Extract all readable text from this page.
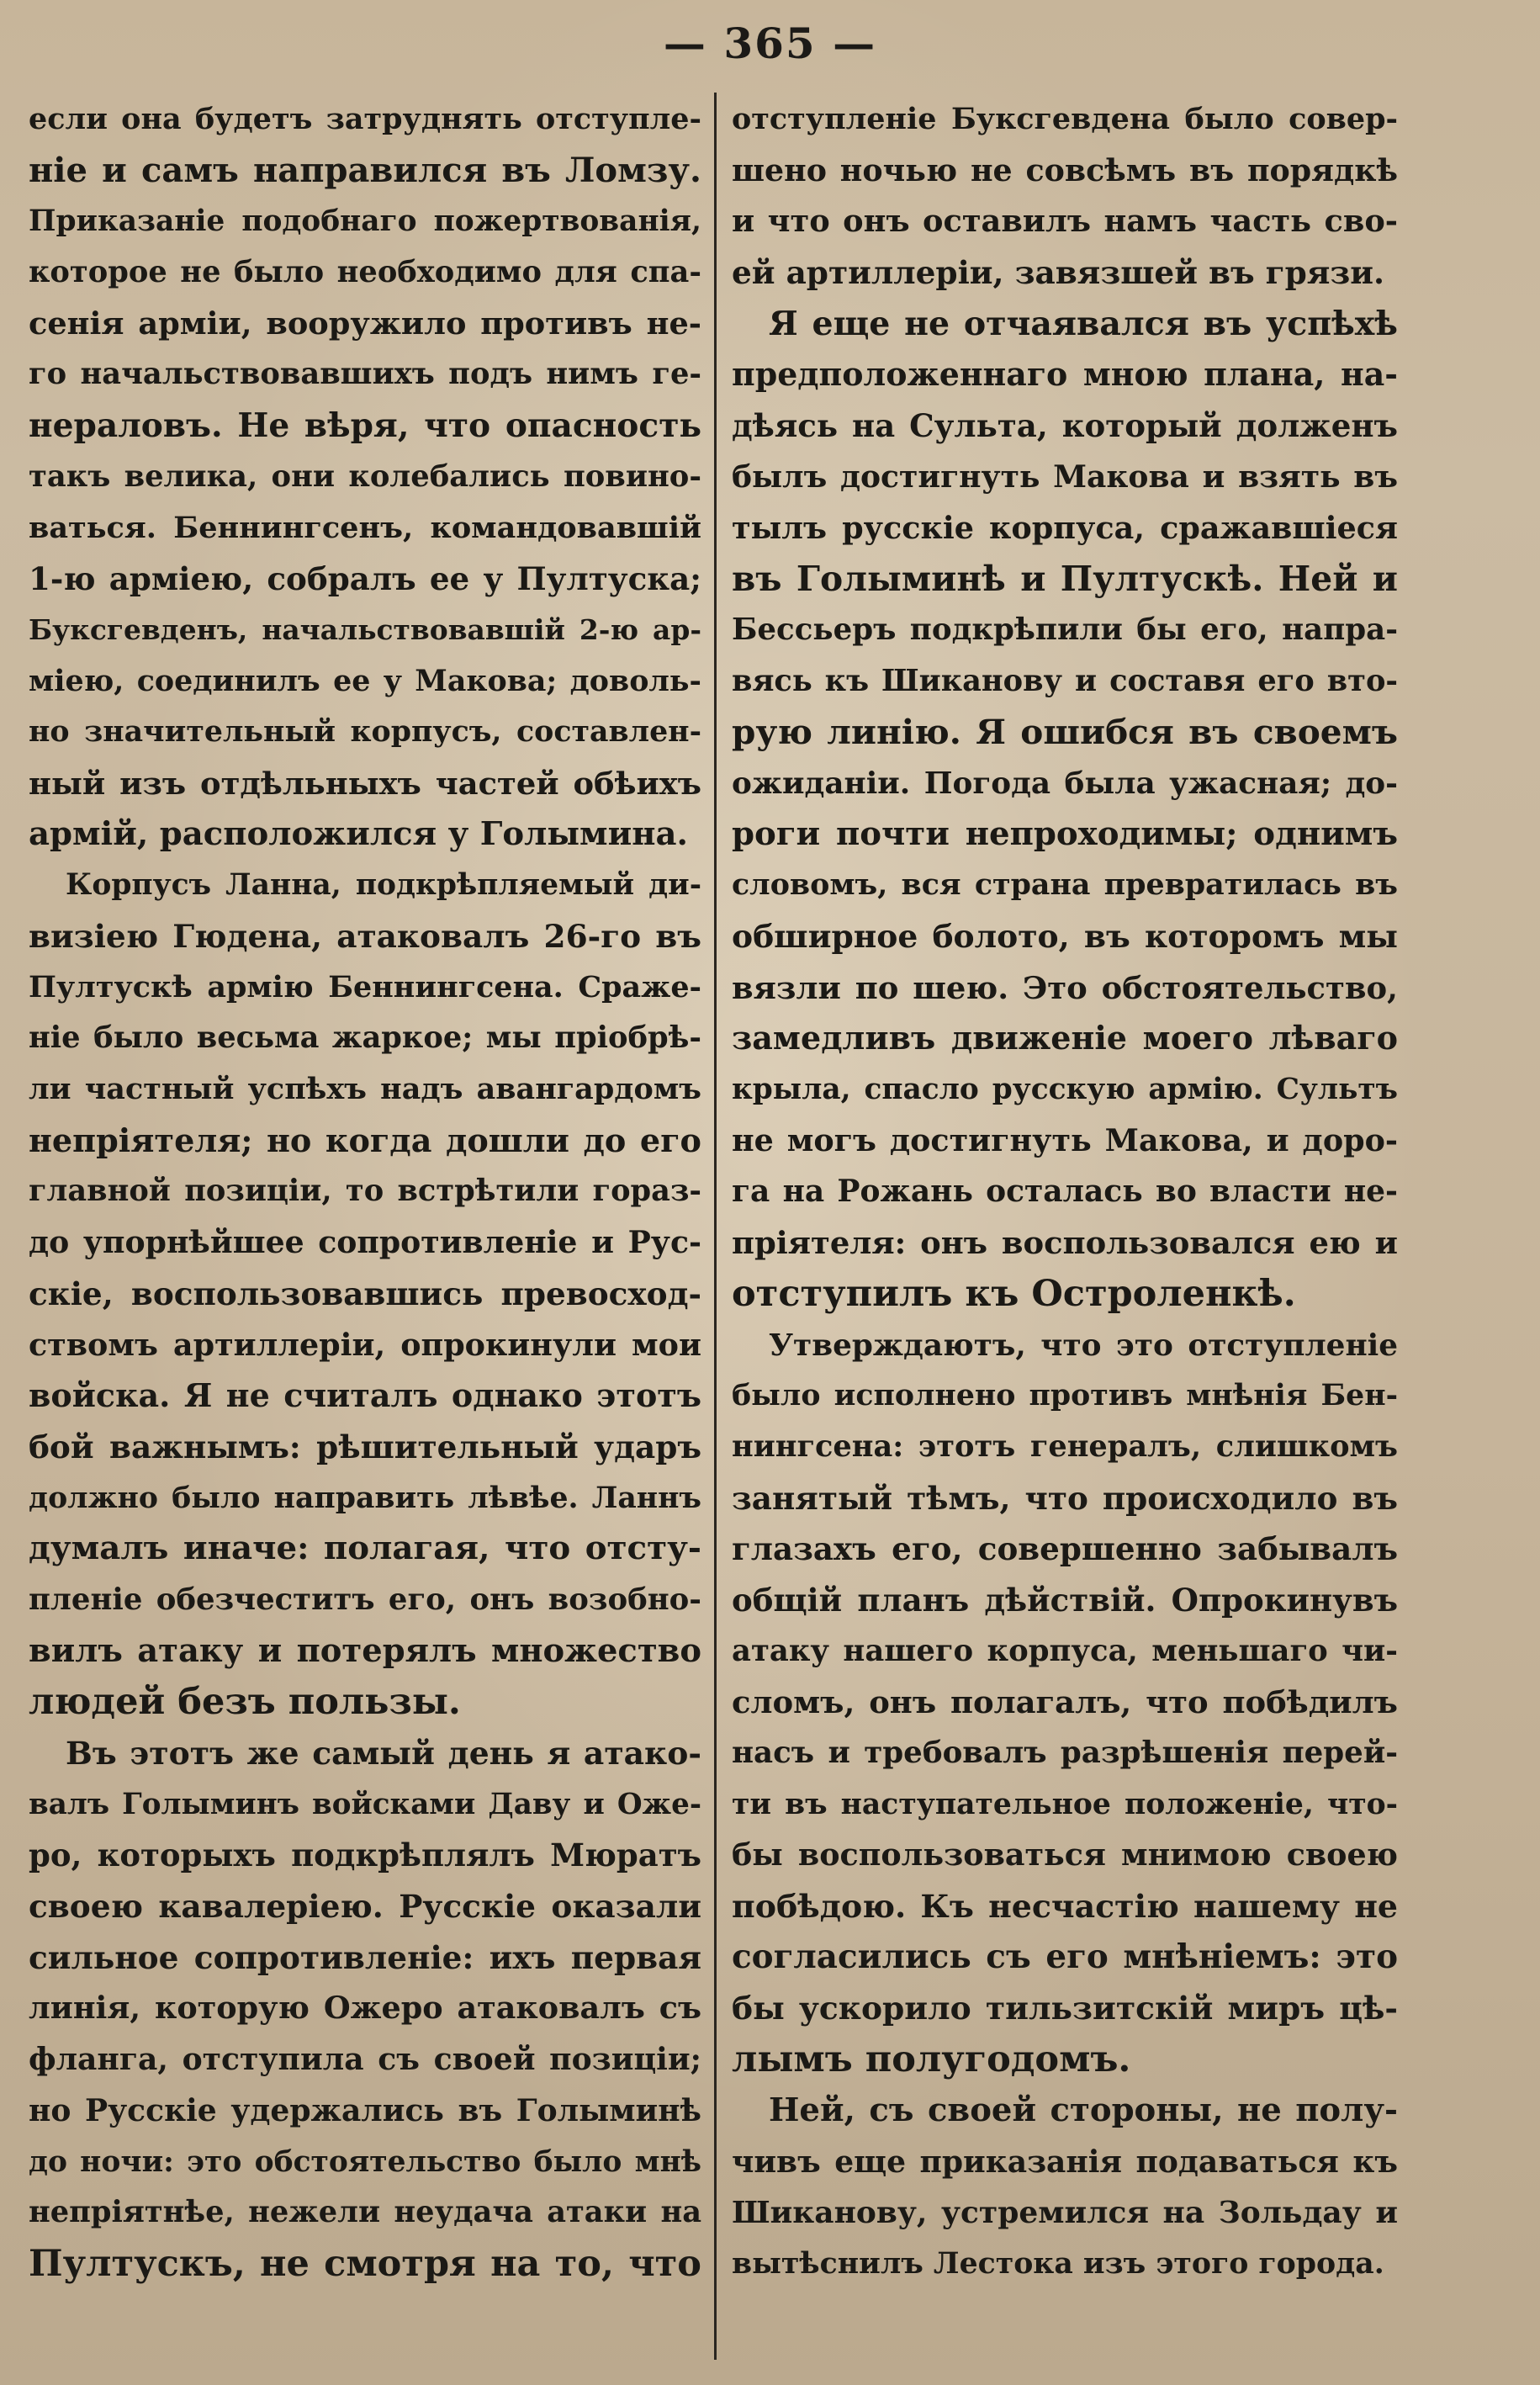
— 365 —
если она будетъ затруднять отступле-
ніе и самъ направился въ Ломзу.
Приказаніе подобнаго пожертвованія,
которое не было необходимо для спа-
сенія арміи, вооружило противъ не-
го начальствовавшихъ подъ нимъ ге-
нераловъ. Не вѣря, что опасность
такъ велика, они колебались повино-
ваться. Беннингсенъ, командовавшій
1-ю арміею, собралъ ее у Пултуска;
Буксгевденъ, начальствовавшій 2-ю ар-
міею, соединилъ ее у Макова; доволь-
но значительный корпусъ, составлен-
ный изъ отдѣльныхъ частей обѣихъ
армій, расположился у Голымина.
Корпусъ Ланна, подкрѣпляемый ди-
визіею Гюдена, атаковалъ 26-го въ
Пултускѣ армію Беннингсена. Сраже-
ніе было весьма жаркое; мы пріобрѣ-
ли частный успѣхъ надъ авангардомъ
непріятеля; но когда дошли до его
главной позиціи, то встрѣтили гораз-
до упорнѣйшее сопротивленіе и Рус-
скіе, воспользовавшись превосход-
ствомъ артиллеріи, опрокинули мои
войска. Я не считалъ однако этотъ
бой важнымъ: рѣшительный ударъ
должно было направить лѣвѣе. Ланнъ
думалъ иначе: полагая, что отсту-
пленіе обезчеститъ его, онъ возобно-
вилъ атаку и потерялъ множество
людей безъ пользы.
Въ этотъ же самый день я атако-
валъ Голыминъ войсками Даву и Оже-
ро, которыхъ подкрѣплялъ Мюратъ
своею кавалеріею. Русскіе оказали
сильное сопротивленіе: ихъ первая
линія, которую Ожеро атаковалъ съ
фланга, отступила съ своей позиціи;
но Русскіе удержались въ Голыминѣ
до ночи: это обстоятельство было мнѣ
непріятнѣе, нежели неудача атаки на
Пултускъ, не смотря на то, что
отступленіе Буксгевдена было совер-
шено ночью не совсѣмъ въ порядкѣ
и что онъ оставилъ намъ часть сво-
ей артиллеріи, завязшей въ грязи.
Я еще не отчаявался въ успѣхѣ
предположеннаго мною плана, на-
дѣясь на Сульта, который долженъ
былъ достигнуть Макова и взять въ
тылъ русскіе корпуса, сражавшіеся
въ Голыминѣ и Пултускѣ. Ней и
Бессьеръ подкрѣпили бы его, напра-
вясь къ Шиканову и составя его вто-
рую линію. Я ошибся въ своемъ
ожиданіи. Погода была ужасная; до-
роги почти непроходимы; однимъ
словомъ, вся страна превратилась въ
обширное болото, въ которомъ мы
вязли по шею. Это обстоятельство,
замедливъ движеніе моего лѣваго
крыла, спасло русскую армію. Сультъ
не могъ достигнуть Макова, и доро-
га на Рожань осталась во власти не-
пріятеля: онъ воспользовался ею и
отступилъ къ Остроленкѣ.
Утверждаютъ, что это отступленіе
было исполнено противъ мнѣнія Бен-
нингсена: этотъ генералъ, слишкомъ
занятый тѣмъ, что происходило въ
глазахъ его, совершенно забывалъ
общій планъ дѣйствій. Опрокинувъ
атаку нашего корпуса, меньшаго чи-
сломъ, онъ полагалъ, что побѣдилъ
насъ и требовалъ разрѣшенія перей-
ти въ наступательное положеніе, что-
бы воспользоваться мнимою своею
побѣдою. Къ несчастію нашему не
согласились съ его мнѣніемъ: это
бы ускорило тильзитскій миръ цѣ-
лымъ полугодомъ.
Ней, съ своей стороны, не полу-
чивъ еще приказанія подаваться къ
Шиканову, устремился на Зольдау и
вытѣснилъ Лестока изъ этого города.
